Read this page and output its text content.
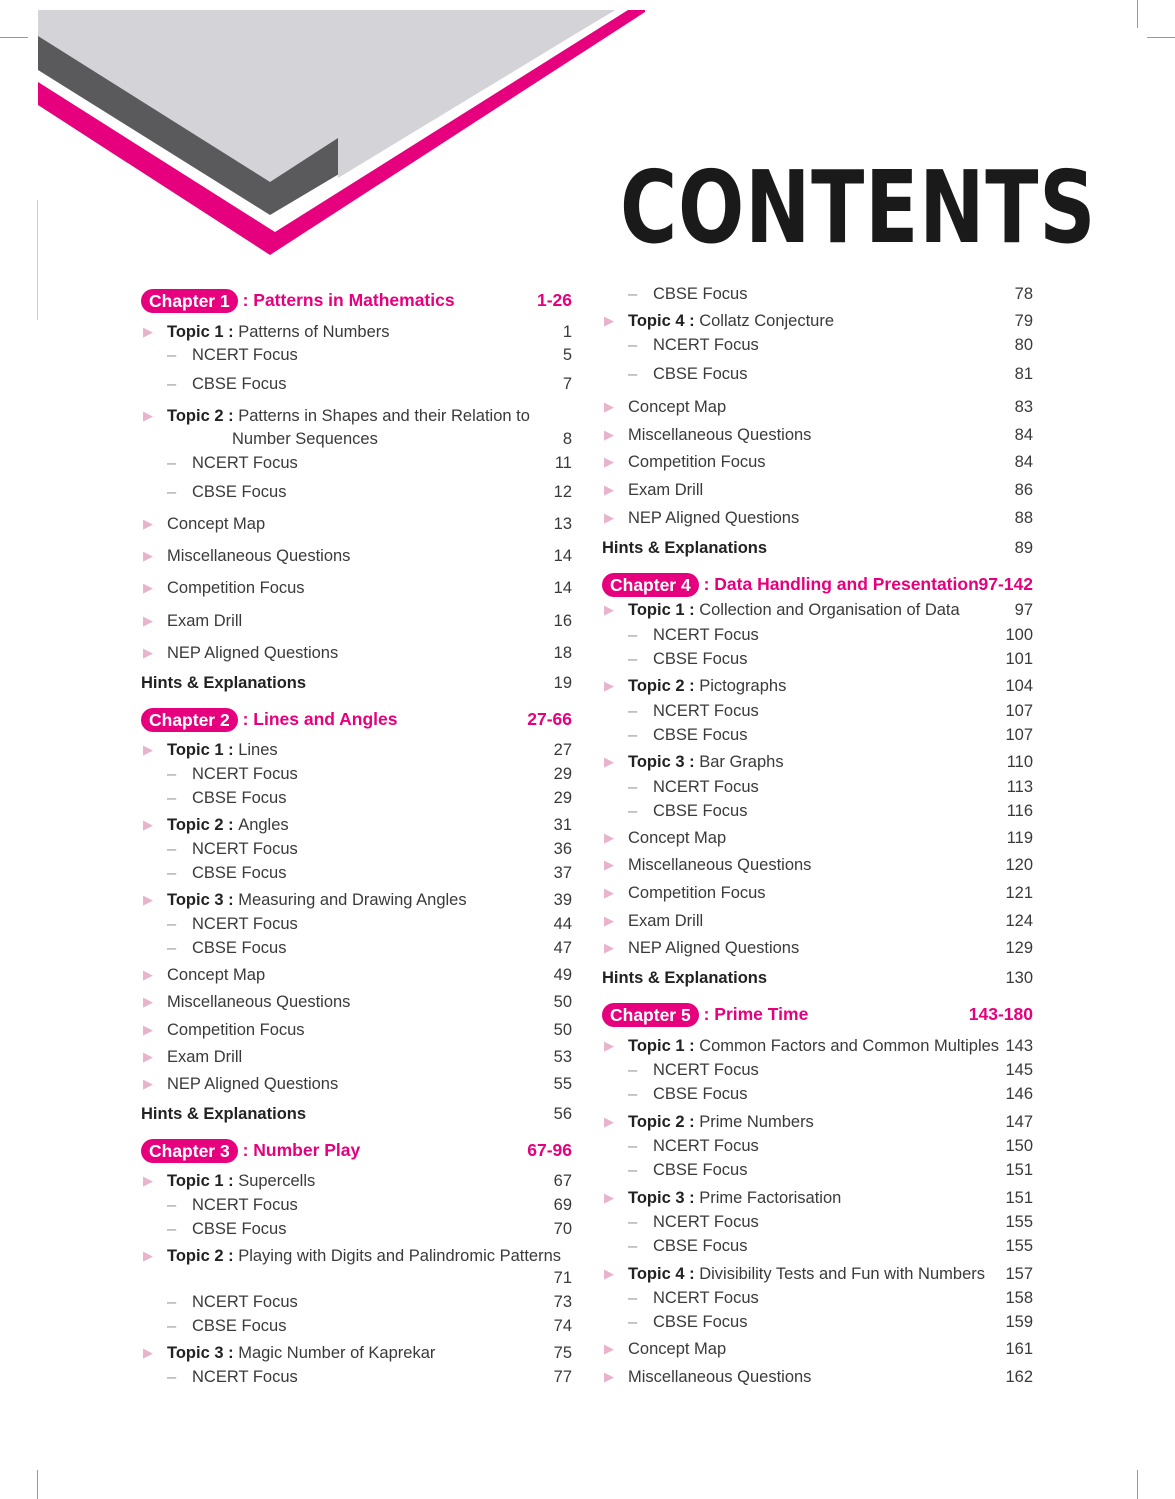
CONTENTS
Chapter 1 : Patterns in Mathematics	1-26
▶ Topic 1 : Patterns of Numbers	1
– NCERT Focus	5
– CBSE Focus	7
▶ Topic 2 : Patterns in Shapes and their Relation to
Number Sequences	8
– NCERT Focus	11
– CBSE Focus	12
▶ Concept Map	13
▶ Miscellaneous Questions	14
▶ Competition Focus	14
▶ Exam Drill	16
▶ NEP Aligned Questions	18
Hints & Explanations	19
Chapter 2 : Lines and Angles	27-66
▶ Topic 1 : Lines	27
– NCERT Focus	29
– CBSE Focus	29
▶ Topic 2 : Angles	31
– NCERT Focus	36
– CBSE Focus	37
▶ Topic 3 : Measuring and Drawing Angles	39
– NCERT Focus	44
– CBSE Focus	47
▶ Concept Map	49
▶ Miscellaneous Questions	50
▶ Competition Focus	50
▶ Exam Drill	53
▶ NEP Aligned Questions	55
Hints & Explanations	56
Chapter 3 : Number Play	67-96
▶ Topic 1 : Supercells	67
– NCERT Focus	69
– CBSE Focus	70
▶ Topic 2 : Playing with Digits and Palindromic Patterns
71
– NCERT Focus	73
– CBSE Focus	74
▶ Topic 3 : Magic Number of Kaprekar	75
– NCERT Focus	77
– CBSE Focus	78
▶ Topic 4 : Collatz Conjecture	79
– NCERT Focus	80
– CBSE Focus	81
▶ Concept Map	83
▶ Miscellaneous Questions	84
▶ Competition Focus	84
▶ Exam Drill	86
▶ NEP Aligned Questions	88
Hints & Explanations	89
Chapter 4 : Data Handling and Presentation 97-142
▶ Topic 1 : Collection and Organisation of Data	97
– NCERT Focus	100
– CBSE Focus	101
▶ Topic 2 : Pictographs	104
– NCERT Focus	107
– CBSE Focus	107
▶ Topic 3 : Bar Graphs	110
– NCERT Focus	113
– CBSE Focus	116
▶ Concept Map	119
▶ Miscellaneous Questions	120
▶ Competition Focus	121
▶ Exam Drill	124
▶ NEP Aligned Questions	129
Hints & Explanations	130
Chapter 5 : Prime Time	143-180
▶ Topic 1 : Common Factors and Common Multiples 143
– NCERT Focus	145
– CBSE Focus	146
▶ Topic 2 : Prime Numbers	147
– NCERT Focus	150
– CBSE Focus	151
▶ Topic 3 : Prime Factorisation	151
– NCERT Focus	155
– CBSE Focus	155
▶ Topic 4 : Divisibility Tests and Fun with Numbers 157
– NCERT Focus	158
– CBSE Focus	159
▶ Concept Map	161
▶ Miscellaneous Questions	162
